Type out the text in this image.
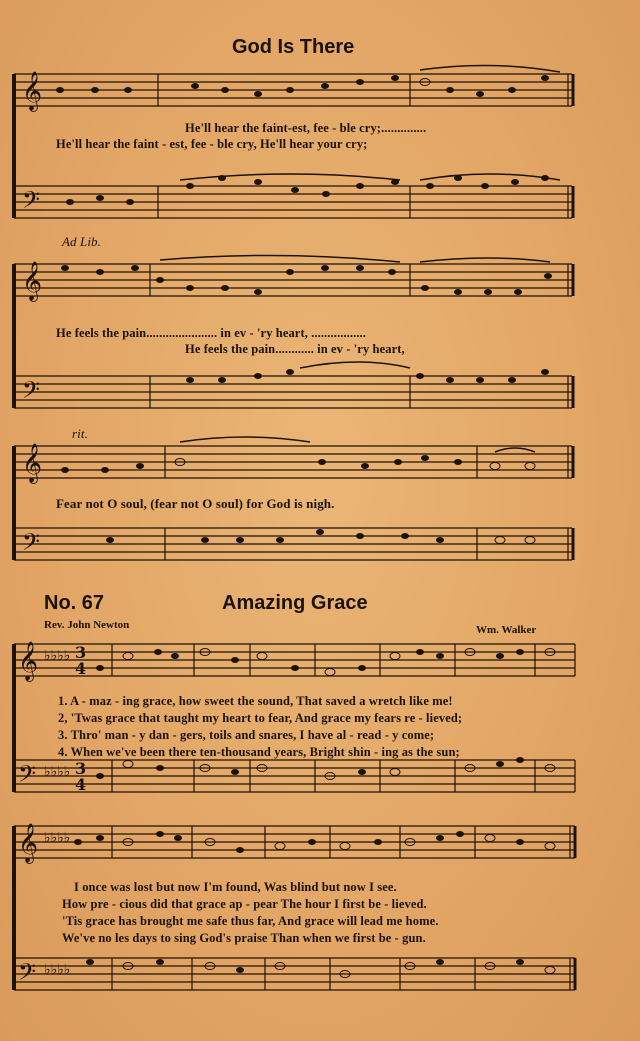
God Is There
𝄞
𝄢
He'll hear the faint-est, fee - ble cry;..............
He'll hear the faint - est, fee - ble cry, He'll hear your cry;
Ad Lib.
𝄞
𝄢
He feels the pain...................... in ev - 'ry heart, .................
He feels the pain............ in ev - 'ry heart,
rit.
𝄞
𝄢
Fear not O soul, (fear not O soul) for God is nigh.
No. 67	Amazing Grace
Rev. John Newton	Wm. Walker
𝄞 ♭♭♭♭ 3
4
𝄢 ♭♭♭♭ 3
4
1. A - maz - ing grace, how sweet the sound, That saved a wretch like me!
2, 'Twas grace that taught my heart to fear, And grace my fears re - lieved;
3. Thro' man - y dan - gers, toils and snares, I have al - read - y come;
4. When we've been there ten-thousand years, Bright shin - ing as the sun;
𝄞 ♭♭♭♭
𝄢 ♭♭♭♭
I once was lost but now I'm found, Was blind but now I see.
How pre - cious did that grace ap - pear The hour I first be - lieved.
'Tis grace has brought me safe thus far, And grace will lead me home.
We've no les days to sing God's praise Than when we first be - gun.
